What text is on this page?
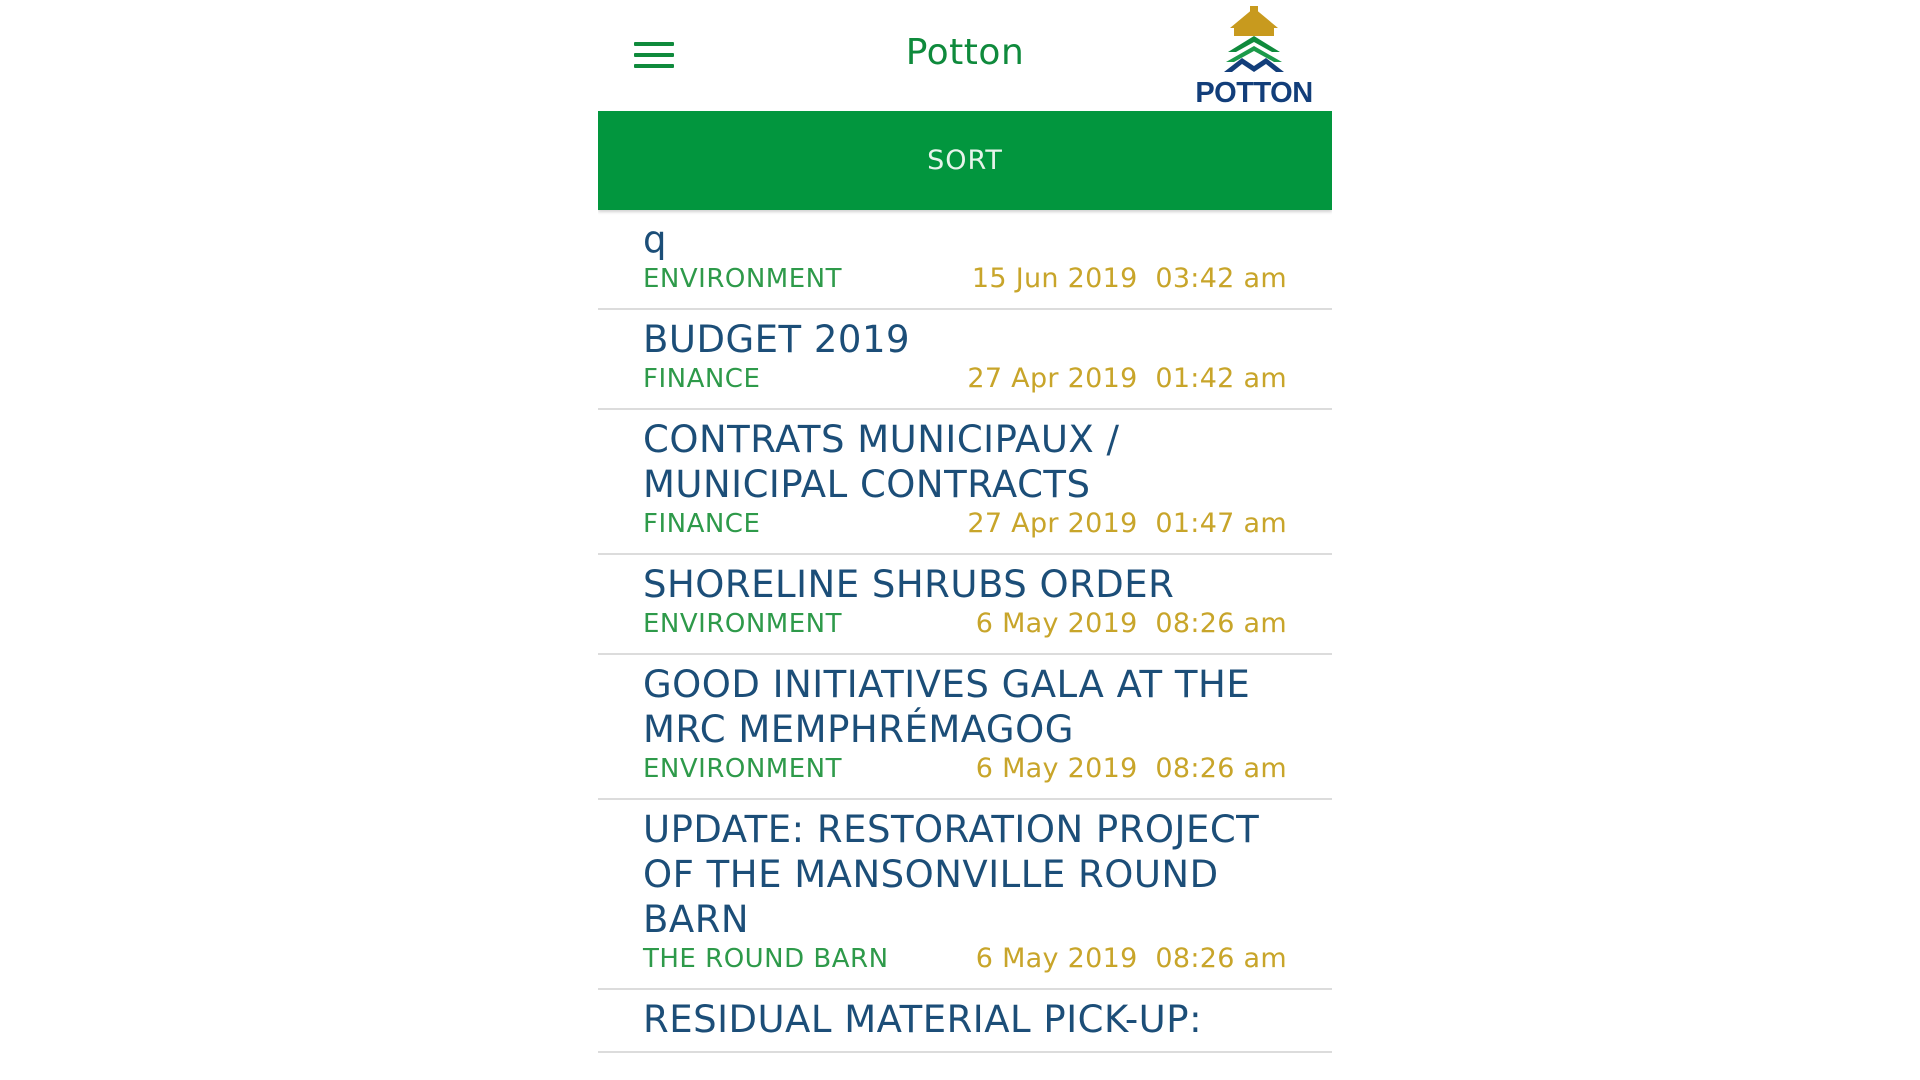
Potton
POTTON
SORT
q
ENVIRONMENT	15 Jun 2019  03:42 am
BUDGET 2019
FINANCE	27 Apr 2019  01:42 am
CONTRATS MUNICIPAUX / MUNICIPAL CONTRACTS
FINANCE	27 Apr 2019  01:47 am
SHORELINE SHRUBS ORDER
ENVIRONMENT	6 May 2019  08:26 am
GOOD INITIATIVES GALA AT THE MRC MEMPHRÉMAGOG
ENVIRONMENT	6 May 2019  08:26 am
UPDATE: RESTORATION PROJECT OF THE MANSONVILLE ROUND BARN
THE ROUND BARN	6 May 2019  08:26 am
RESIDUAL MATERIAL PICK-UP:
